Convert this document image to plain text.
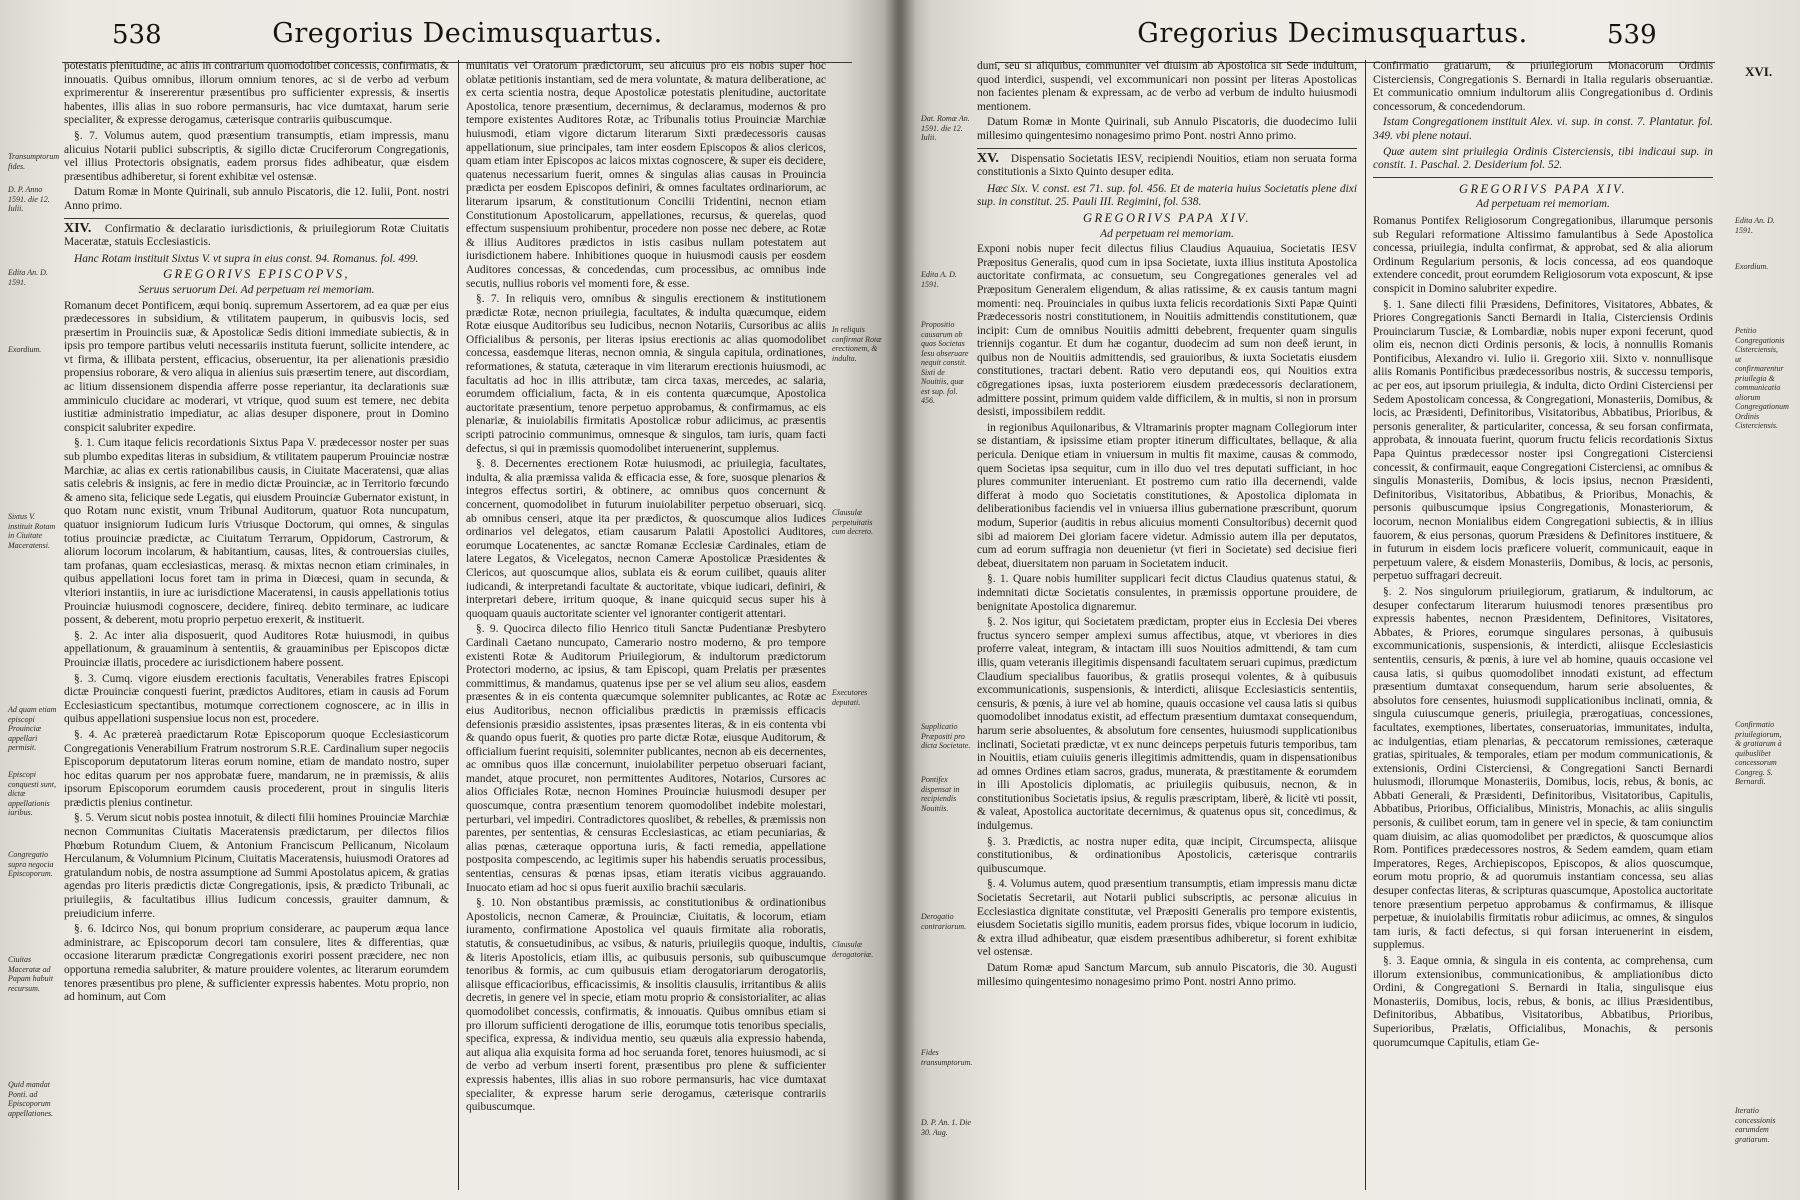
538	Gregorius Decimusquartus.
Transumptorum fides.
D. P. Anno 1591. die 12. Iulii.
Edita An. D. 1591.
Exordium.
Sixtus V. instituit Rotam in Ciuitate Maceratensi.
Ad quam etiam episcopi Prouinciæ appellari permisit.
Episcopi conquesti sunt, dictæ appellationis iuribus.
Congregatio supra negocia Episcoporum.
Ciuitas Maceratæ ad Papam habuit recursum.
Quid mandat Ponti. ad Episcoporum appellationes.

potestatis plenitudine, ac aliis in contrarium quomodolibet concessis, confirmatis, & innouatis. Quibus omnibus, illorum omnium tenores, ac si de verbo ad verbum exprimerentur & insererentur præsentibus pro sufficienter expressis, & insertis habentes, illis alias in suo robore permansuris, hac vice dumtaxat, harum serie specialiter, & expresse derogamus, cæterisque contrariis quibuscumque.

§. 7. Volumus autem, quod præsentium transumptis, etiam impressis, manu alicuius Notarii publici subscriptis, & sigillo dictæ Cruciferorum Congregationis, vel illius Protectoris obsignatis, eadem prorsus fides adhibeatur, quæ eisdem præsentibus adhiberetur, si forent exhibitæ vel ostensæ.

Datum Romæ in Monte Quirinali, sub annulo Piscatoris, die 12. Iulii, Pont. nostri Anno primo.

XIV. Confirmatio & declaratio iurisdictionis, & priuilegiorum Rotæ Ciuitatis Maceratæ, statuis Ecclesiasticis.

Hanc Rotam instituit Sixtus V. vt supra in eius const. 94. Romanus. fol. 499.

GREGORIVS EPISCOPVS,
Seruus seruorum Dei. Ad perpetuam rei memoriam.

Romanum decet Pontificem, æqui boniq. supremum Assertorem, ad ea quæ per eius prædecessores in subsidium, & vtilitatem pauperum, in quibusvis locis, sed præsertim in Prouinciis suæ, & Apostolicæ Sedis ditioni immediate subiectis, & in ipsis pro tempore partibus veluti necessariis instituta fuerunt, sollicite intendere, ac vt firma, & illibata perstent, efficacius, obseruentur, ita per alienationis præsidio propensius roborare, & vero aliqua in alienius suis præsertim tenere, aut discordiam, ac litium dissensionem dispendia afferre posse reperiantur, ita declarationis suæ amminiculo clucidare ac moderari, vt vtrique, quod suum est temere, nec debita iustitiæ administratio impediatur, ac alias desuper disponere, prout in Domino conspicit salubriter expedire.

§. 1. Cum itaque felicis recordationis Sixtus Papa V. prædecessor noster per suas sub plumbo expeditas literas in subsidium, & vtilitatem pauperum Prouinciæ nostræ Marchiæ, ac alias ex certis rationabilibus causis, in Ciuitate Maceratensi, quæ alias satis celebris & insignis, ac fere in medio dictæ Prouinciæ, ac in Territorio fœcundo & ameno sita, felicique sede Legatis, qui eiusdem Prouinciæ Gubernator existunt, in quo Rotam nunc existit, vnum Tribunal Auditorum, quatuor Rota nuncupatum, quatuor insigniorum Iudicum Iuris Vtriusque Doctorum, qui omnes, & singulas totius prouinciæ prædictæ, ac Ciuitatum Terrarum, Oppidorum, Castrorum, & aliorum locorum incolarum, & habitantium, causas, lites, & controuersias ciuiles, tam profanas, quam ecclesiasticas, merasq. & mixtas necnon etiam criminales, in quibus appellationi locus foret tam in prima in Diœcesi, quam in secunda, & vlteriori instantiis, in iure ac iurisdictione Maceratensi, in causis appellationis totius Prouinciæ huiusmodi cognoscere, decidere, finireq. debito terminare, ac iudicare possent, & deberent, motu proprio perpetuo erexerit, & instituerit.

§. 2. Ac inter alia disposuerit, quod Auditores Rotæ huiusmodi, in quibus appellationum, & grauaminum à sententiis, & grauaminibus per Episcopos dictæ Prouinciæ illatis, procedere ac iurisdictionem habere possent.

§. 3. Cumq. vigore eiusdem erectionis facultatis, Venerabiles fratres Episcopi dictæ Prouinciæ conquesti fuerint, prædictos Auditores, etiam in causis ad Forum Ecclesiasticum spectantibus, motumque correctionem cognoscere, ac in illis in quibus appellationi suspensiue locus non est, procedere.

§. 4. Ac prætereà praedictarum Rotæ Episcoporum quoque Ecclesiasticorum Congregationis Venerabilium Fratrum nostrorum S.R.E. Cardinalium super negociis Episcoporum deputatorum literas eorum nomine, etiam de mandato nostro, super hoc editas quarum per nos approbatæ fuere, mandarum, ne in præmissis, & aliis ipsorum Episcoporum eorumdem causis procederent, prout in singulis literis prædictis plenius continetur.

§. 5. Verum sicut nobis postea innotuit, & dilecti filii homines Prouinciæ Marchiæ necnon Communitas Ciuitatis Maceratensis prædictarum, per dilectos filios Phœbum Rotundum Ciuem, & Antonium Franciscum Pellicanum, Nicolaum Herculanum, & Volumnium Picinum, Ciuitatis Maceratensis, huiusmodi Oratores ad gratulandum nobis, de nostra assumptione ad Summi Apostolatus apicem, & gratias agendas pro literis prædictis dictæ Congregationis, ipsis, & prædicto Tribunali, ac priuilegiis, & facultatibus illius Iudicum concessis, grauiter damnum, & preiudicium inferre.

§. 6. Idcirco Nos, qui bonum proprium considerare, ac pauperum æqua lance administrare, ac Episcoporum decori tam consulere, lites & differentias, quæ occasione literarum prædictæ Congregationis exoriri possent præcidere, nec non opportuna remedia salubriter, & mature prouidere volentes, ac literarum eorumdem tenores præsentibus pro plene, & sufficienter expressis habentes. Motu proprio, non ad hominum, aut Com

munitatis vel Oratorum prædictorum, seu alicuius pro eis nobis super hoc oblatæ petitionis instantiam, sed de mera voluntate, & matura deliberatione, ac ex certa scientia nostra, deque Apostolicæ potestatis plenitudine, auctoritate Apostolica, tenore præsentium, decernimus, & declaramus, modernos & pro tempore existentes Auditores Rotæ, ac Tribunalis totius Prouinciæ Marchiæ huiusmodi, etiam vigore dictarum literarum Sixti prædecessoris causas appellationum, siue principales, tam inter eosdem Episcopos & alios clericos, quam etiam inter Episcopos ac laicos mixtas cognoscere, & super eis decidere, quatenus necessarium fuerit, omnes & singulas alias causas in Prouincia prædicta per eosdem Episcopos definiri, & omnes facultates ordinariorum, ac literarum ipsarum, & constitutionum Concilii Tridentini, necnon etiam Constitutionum Apostolicarum, appellationes, recursus, & querelas, quod effectum suspensiuum prohibentur, procedere non posse nec debere, ac Rotæ & illius Auditores prædictos in istis casibus nullam potestatem aut iurisdictionem habere. Inhibitiones quoque in huiusmodi causis per eosdem Auditores concessas, & concedendas, cum processibus, ac omnibus inde secutis, nullius roboris vel momenti fore, & esse.

§. 7. In reliquis vero, omnibus & singulis erectionem & institutionem prædictæ Rotæ, necnon priuilegia, facultates, & indulta quæcumque, eidem Rotæ eiusque Auditoribus seu Iudicibus, necnon Notariis, Cursoribus ac aliis Officialibus & personis, per literas ipsius erectionis ac alias quomodolibet concessa, easdemque literas, necnon omnia, & singula capitula, ordinationes, reformationes, & statuta, cæteraque in vim literarum erectionis huiusmodi, ac facultatis ad hoc in illis attributæ, tam circa taxas, mercedes, ac salaria, eorumdem officialium, facta, & in eis contenta quæcumque, Apostolica auctoritate præsentium, tenore perpetuo approbamus, & confirmamus, ac eis plenariæ, & inuiolabilis firmitatis Apostolicæ robur adiicimus, ac præsentis scripti patrocinio communimus, omnesque & singulos, tam iuris, quam facti defectus, si qui in præmissis quomodolibet interuenerint, supplemus.

§. 8. Decernentes erectionem Rotæ huiusmodi, ac priuilegia, facultates, indulta, & alia præmissa valida & efficacia esse, & fore, suosque plenarios & integros effectus sortiri, & obtinere, ac omnibus quos concernunt & concernent, quomodolibet in futurum inuiolabiliter perpetuo obseruari, sicq. ab omnibus censeri, atque ita per prædictos, & quoscumque alios Iudices ordinarios vel delegatos, etiam causarum Palatii Apostolici Auditores, eorumque Locatenentes, ac sanctæ Romanæ Ecclesiæ Cardinales, etiam de latere Legatos, & Vicelegatos, necnon Cameræ Apostolicæ Præsidentes & Clericos, aut quoscumque alios, sublata eis & eorum cuilibet, quauis aliter iudicandi, & interpretandi facultate & auctoritate, vbique iudicari, definiri, & interpretari debere, irritum quoque, & inane quicquid secus super his à quoquam quauis auctoritate scienter vel ignoranter contigerit attentari.

§. 9. Quocirca dilecto filio Henrico tituli Sanctæ Pudentianæ Presbytero Cardinali Caetano nuncupato, Camerario nostro moderno, & pro tempore existenti Rotæ & Auditorum Priuilegiorum, & indultorum prædictorum Protectori moderno, ac ipsius, & tam Episcopi, quam Prelatis per præsentes committimus, & mandamus, quatenus ipse per se vel alium seu alios, easdem præsentes & in eis contenta quæcumque solemniter publicantes, ac Rotæ ac eius Auditoribus, necnon officialibus prædictis in præmissis efficacis defensionis præsidio assistentes, ipsas præsentes literas, & in eis contenta vbi & quando opus fuerit, & quoties pro parte dictæ Rotæ, eiusque Auditorum, & officialium fuerint requisiti, solemniter publicantes, necnon ab eis decernentes, ac omnibus quos illæ concernunt, inuiolabiliter perpetuo obseruari faciant, mandet, atque procuret, non permittentes Auditores, Notarios, Cursores ac alios Officiales Rotæ, necnon Homines Prouinciæ huiusmodi desuper per quoscumque, contra præsentium tenorem quomodolibet indebite molestari, perturbari, vel impediri. Contradictores quoslibet, & rebelles, & præmissis non parentes, per sententias, & censuras Ecclesiasticas, ac etiam pecuniarias, & alias pœnas, cæteraque opportuna iuris, & facti remedia, appellatione postposita compescendo, ac legitimis super his habendis seruatis processibus, sententias, censuras & pœnas ipsas, etiam iteratis vicibus aggrauando. Inuocato etiam ad hoc si opus fuerit auxilio brachii sæcularis.

§. 10. Non obstantibus præmissis, ac constitutionibus & ordinationibus Apostolicis, necnon Cameræ, & Prouinciæ, Ciuitatis, & locorum, etiam iuramento, confirmatione Apostolica vel quauis firmitate alia roboratis, statutis, & consuetudinibus, ac vsibus, & naturis, priuilegiis quoque, indultis, & literis Apostolicis, etiam illis, ac quibusuis personis, sub quibuscumque tenoribus & formis, ac cum quibusuis etiam derogatoriarum derogatoriis, aliisque efficacioribus, efficacissimis, & insolitis clausulis, irritantibus & aliis decretis, in genere vel in specie, etiam motu proprio & consistorialiter, ac alias quomodolibet concessis, confirmatis, & innouatis. Quibus omnibus etiam si pro illorum sufficienti derogatione de illis, eorumque totis tenoribus specialis, specifica, expressa, & individua mentio, seu quæuis alia expressio habenda, aut aliqua alia exquisita forma ad hoc seruanda foret, tenores huiusmodi, ac si de verbo ad verbum inserti forent, præsentibus pro plene & sufficienter expressis habentes, illis alias in suo robore permansuris, hac vice dumtaxat specialiter, & expresse harum serie derogamus, cæterisque contrariis quibuscumque.

In reliquis confirmat Rotæ erectionem, & indulta.
Clausulæ perpetuitatis cum decreto.
Executores deputati.
Clausulæ derogatoriæ.
Gregorius Decimusquartus.	539
Dat. Romæ An. 1591. die 12. Iulii.
Edita A. D. 1591.
Propositio causarum ob quas Societas Iesu obseruare nequit constit. Sixti de Nouitiis, quæ est sup. fol. 456.
Supplicatio Præpositi pro dicta Societate.
Pontifex dispensat in recipiendis Nouitiis.
Derogatio contrariorum.
Fides transumptorum.
D. P. An. 1. Die 30. Aug.

dum, seu si aliquibus, communiter vel diuisim ab Apostolica sit Sede indultum, quod interdici, suspendi, vel excommunicari non possint per literas Apostolicas non facientes plenam & expressam, ac de verbo ad verbum de indulto huiusmodi mentionem.

Datum Romæ in Monte Quirinali, sub Annulo Piscatoris, die duodecimo Iulii millesimo quingentesimo nonagesimo primo Pont. nostri Anno primo.

XV. Dispensatio Societatis IESV, recipiendi Nouitios, etiam non seruata forma constitutionis a Sixto Quinto desuper edita.

Hæc Six. V. const. est 71. sup. fol. 456. Et de materia huius Societatis plene dixi sup. in constitut. 25. Pauli III. Regimini, fol. 538.

GREGORIVS PAPA XIV.
Ad perpetuam rei memoriam.

Exponi nobis nuper fecit dilectus filius Claudius Aquauiua, Societatis IESV Præpositus Generalis, quod cum in ipsa Societate, iuxta illius instituta Apostolica auctoritate confirmata, ac consuetum, seu Congregationes generales vel ad Præpositum Generalem eligendum, & alias ratissime, & ex causis tantum magni momenti: neq. Prouinciales in quibus iuxta felicis recordationis Sixti Papæ Quinti Prædecessoris nostri constitutionem, in Nouitiis admittendis constitutionem, quæ incipit: Cum de omnibus Nouitiis admitti debebrent, frequenter quam singulis triennijs cogantur. Et dum hæ cogantur, duodecim ad sum non deeß ierunt, in quibus non de Nouitiis admittendis, sed grauioribus, & iuxta Societatis eiusdem constitutiones, tractari debent. Ratio vero deputandi eos, qui Nouitios extra cōgregationes ipsas, iuxta posteriorem eiusdem prædecessoris declarationem, admittere possint, primum quidem valde difficilem, & in multis, si non in prorsum desisti, impossibilem reddit.

in regionibus Aquilonaribus, & Vltramarinis propter magnam Collegiorum inter se distantiam, & ipsissime etiam propter itinerum difficultates, bellaque, & alia pericula. Denique etiam in vniuersum in multis fit maxime, causas & commodo, quem Societas ipsa sequitur, cum in illo duo vel tres deputati sufficiant, in hoc plures communiter interueniant. Et postremo cum ratio illa decernendi, valde differat à modo quo Societatis constitutiones, & Apostolica diplomata in deliberationibus faciendis vel in vniuersa illius gubernatione præscribunt, quorum modum, Superior (auditis in rebus alicuius momenti Consultoribus) decernit quod sibi ad maiorem Dei gloriam facere videtur. Admissio autem illa per deputatos, cum ad eorum suffragia non deuenietur (vt fieri in Societate) sed decisiue fieri debeat, diuersitatem non paruam in Societatem inducit.

§. 1. Quare nobis humiliter supplicari fecit dictus Claudius quatenus statui, & indemnitati dictæ Societatis consulentes, in præmissis opportune prouidere, de benignitate Apostolica dignaremur.

§. 2. Nos igitur, qui Societatem prædictam, propter eius in Ecclesia Dei vberes fructus syncero semper amplexi sumus affectibus, atque, vt vberiores in dies proferre valeat, integram, & intactam illi suos Nouitios admittendi, & tam cum illis, quam veteranis illegitimis dispensandi facultatem seruari cupimus, prædictum Claudium specialibus fauoribus, & gratiis prosequi volentes, & à quibusuis excommunicationis, suspensionis, & interdicti, aliisque Ecclesiasticis sententiis, censuris, & pœnis, à iure vel ab homine, quauis occasione vel causa latis si quibus quomodolibet innodatus existit, ad effectum præsentium dumtaxat consequendum, harum serie absoluentes, & absolutum fore censentes, huiusmodi supplicationibus inclinati, Societati prædictæ, vt ex nunc deinceps perpetuis futuris temporibus, tam in Nouitiis, etiam cuiuiis generis illegitimis admittendis, quam in dispensationibus ad omnes Ordines etiam sacros, gradus, munerata, & præstitamente & eorumdem in illi Apostolicis diplomatis, ac priuilegiis quibusuis, necnon, & in constitutionibus Societatis ipsius, & regulis præscriptam, liberè, & licitè vti possit, & valeat, Apostolica auctoritate decernimus, & quatenus opus sit, concedimus, & indulgemus.

§. 3. Prædictis, ac nostra nuper edita, quæ incipit, Circumspecta, aliisque constitutionibus, & ordinationibus Apostolicis, cæterisque contrariis quibuscumque.

§. 4. Volumus autem, quod præsentium transumptis, etiam impressis manu dictæ Societatis Secretarii, aut Notarii publici subscriptis, ac personæ alicuius in Ecclesiastica dignitate constitutæ, vel Præpositi Generalis pro tempore existentis, eiusdem Societatis sigillo munitis, eadem prorsus fides, vbique locorum in iudicio, & extra illud adhibeatur, quæ eisdem præsentibus adhiberetur, si forent exhibitæ vel ostensæ.

Datum Romæ apud Sanctum Marcum, sub annulo Piscatoris, die 30. Augusti millesimo quingentesimo nonagesimo primo Pont. nostri Anno primo.

Confirmatio gratiarum, & priuilegiorum Monacorum Ordinis Cisterciensis, Congregationis S. Bernardi in Italia regularis obseruantiæ. Et communicatio omnium indultorum aliis Congregationibus d. Ordinis concessorum, & concedendorum.

Istam Congregationem instituit Alex. vi. sup. in const. 7. Plantatur. fol. 349. vbi plene notaui.

Quæ autem sint priuilegia Ordinis Cisterciensis, tibi indicaui sup. in constit. 1. Paschal. 2. Desiderium fol. 52.

GREGORIVS PAPA XIV.
Ad perpetuam rei memoriam.

Romanus Pontifex Religiosorum Congregationibus, illarumque personis sub Regulari reformatione Altissimo famulantibus à Sede Apostolica concessa, priuilegia, indulta confirmat, & approbat, sed & alia aliorum Ordinum Regularium personis, & locis concessa, ad eos quandoque extendere concedit, prout eorumdem Religiosorum vota exposcunt, & ipse conspicit in Domino salubriter expedire.

§. 1. Sane dilecti filii Præsidens, Definitores, Visitatores, Abbates, & Priores Congregationis Sancti Bernardi in Italia, Cisterciensis Ordinis Prouinciarum Tusciæ, & Lombardiæ, nobis nuper exponi fecerunt, quod olim eis, necnon dicti Ordinis personis, & locis, à nonnullis Romanis Pontificibus, Alexandro vi. Iulio ii. Gregorio xiii. Sixto v. nonnullisque aliis Romanis Pontificibus prædecessoribus nostris, & successu temporis, ac per eos, aut ipsorum priuilegia, & indulta, dicto Ordini Cisterciensi per Sedem Apostolicam concessa, & Congregationi, Monasteriis, Domibus, & locis, ac Præsidenti, Definitoribus, Visitatoribus, Abbatibus, Prioribus, & personis generaliter, & particulariter, concessa, & seu forsan confirmata, approbata, & innouata fuerint, quorum fructu felicis recordationis Sixtus Papa Quintus prædecessor noster ipsi Congregationi Cisterciensi concessit, & confirmauit, eaque Congregationi Cisterciensi, ac omnibus & singulis Monasteriis, Domibus, & locis ipsius, necnon Præsidenti, Definitoribus, Visitatoribus, Abbatibus, & Prioribus, Monachis, & personis quibuscumque ipsius Congregationis, Monasteriorum, & locorum, necnon Monialibus eidem Congregationi subiectis, & in illius fauorem, & eius personas, quorum Præsidens & Definitores instituere, & in futurum in eisdem locis præficere voluerit, communicauit, eaque in perpetuum valere, & eisdem Monasteriis, Domibus, & locis, ac personis, perpetuo suffragari decreuit.

§. 2. Nos singulorum priuilegiorum, gratiarum, & indultorum, ac desuper confectarum literarum huiusmodi tenores præsentibus pro expressis habentes, necnon Præsidentem, Definitores, Visitatores, Abbates, & Priores, eorumque singulares personas, à quibusuis excommunicationis, suspensionis, & interdicti, aliisque Ecclesiasticis sententiis, censuris, & pœnis, à iure vel ab homine, quauis occasione vel causa latis, si quibus quomodolibet innodati existunt, ad effectum præsentium dumtaxat consequendum, harum serie absoluentes, & absolutos fore censentes, huiusmodi supplicationibus inclinati, omnia, & singula cuiuscumque generis, priuilegia, prærogatiuas, concessiones, facultates, exemptiones, libertates, conseruatorias, immunitates, indulta, ac indulgentias, etiam plenarias, & peccatorum remissiones, cæteraque gratias, spirituales, & temporales, etiam per modum communicationis, & extensionis, Ordini Cisterciensi, & Congregationi Sancti Bernardi huiusmodi, illorumque Monasteriis, Domibus, locis, rebus, & bonis, ac Abbati Generali, & Præsidenti, Definitoribus, Visitatoribus, Capitulis, Abbatibus, Prioribus, Officialibus, Ministris, Monachis, ac aliis singulis personis, & cuilibet eorum, tam in genere vel in specie, & tam coniunctim quam diuisim, ac alias quomodolibet per prædictos, & quoscumque alios Rom. Pontifices prædecessores nostros, & Sedem eamdem, quam etiam Imperatores, Reges, Archiepiscopos, Episcopos, & alios quoscumque, eorum motu proprio, & ad quorumuis instantiam concessa, seu alias desuper confectas literas, & scripturas quascumque, Apostolica auctoritate tenore præsentium perpetuo approbamus & confirmamus, & illisque perpetuæ, & inuiolabilis firmitatis robur adiicimus, ac omnes, & singulos tam iuris, & facti defectus, si qui forsan interuenerint in eisdem, supplemus.

§. 3. Eaque omnia, & singula in eis contenta, ac comprehensa, cum illorum extensionibus, communicationibus, & ampliationibus dicto Ordini, & Congregationi S. Bernardi in Italia, singulisque eius Monasteriis, Domibus, locis, rebus, & bonis, ac illius Præsidentibus, Definitoribus, Abbatibus, Visitatoribus, Abbatibus, Prioribus, Superioribus, Prælatis, Officialibus, Monachis, & personis quorumcumque Capitulis, etiam Ge-

XVI.
Edita An. D. 1591.
Exordium.
Petitio Congregationis Cisterciensis, ut confirmarentur priuilegia & communicatio aliorum Congregationum Ordinis Cisterciensis.
Confirmatio priuilegiorum, & gratiarum à quibuslibet concessorum Congreg. S. Bernardi.
Iteratio concessionis earumdem gratiarum.
